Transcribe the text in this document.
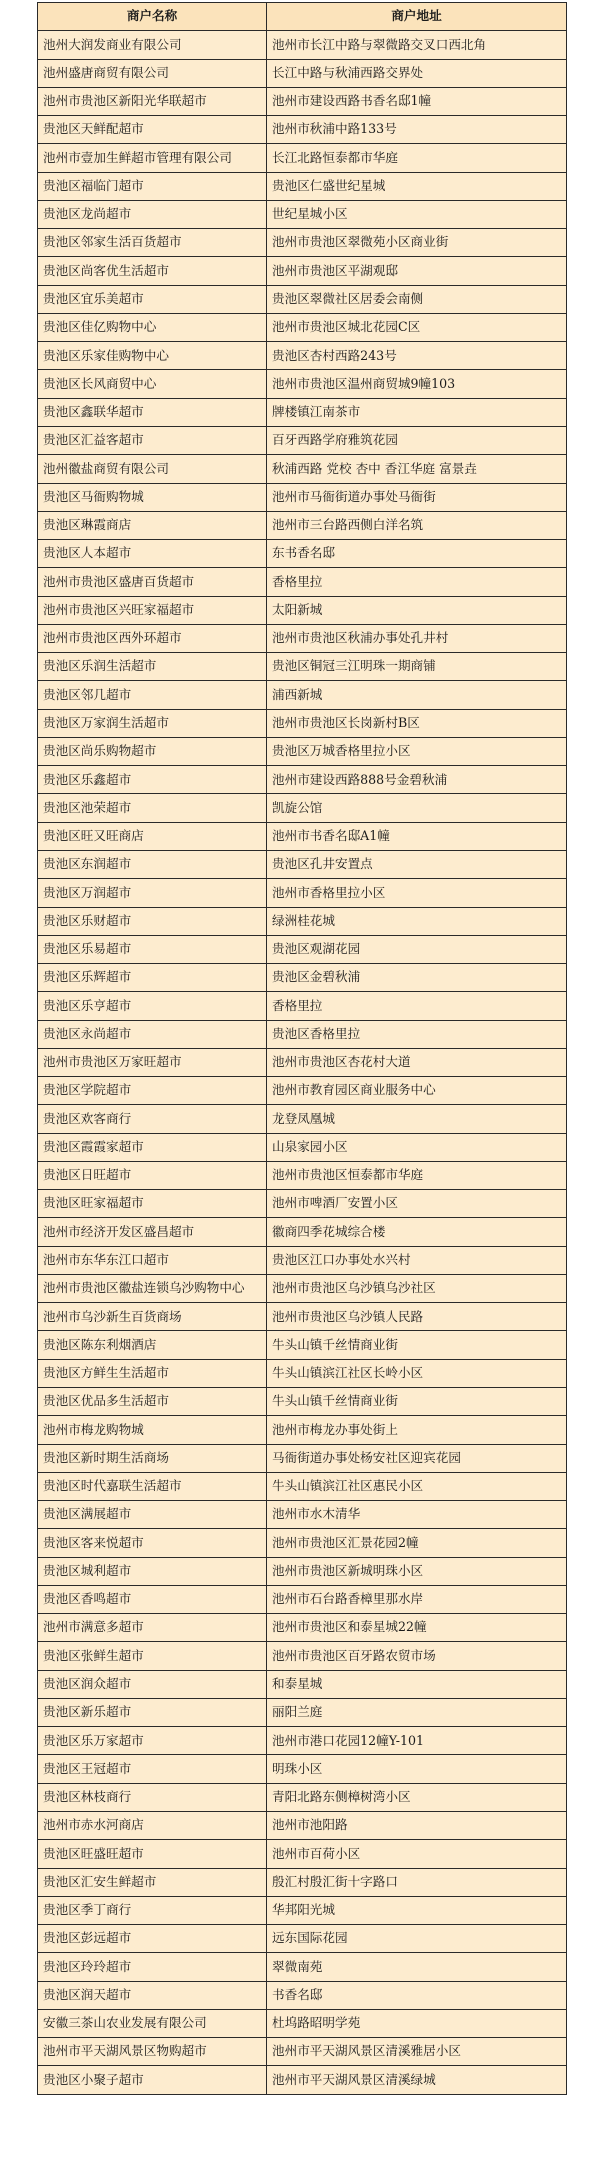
商户名称	商户地址
池州大润发商业有限公司	池州市长江中路与翠微路交叉口西北角
池州盛唐商贸有限公司	长江中路与秋浦西路交界处
池州市贵池区新阳光华联超市	池州市建设西路书香名邸1幢
贵池区天鲜配超市	池州市秋浦中路133号
池州市壹加生鲜超市管理有限公司	长江北路恒泰都市华庭
贵池区福临门超市	贵池区仁盛世纪星城
贵池区龙尚超市	世纪星城小区
贵池区邻家生活百货超市	池州市贵池区翠微苑小区商业街
贵池区尚客优生活超市	池州市贵池区平湖观邸
贵池区宜乐美超市	贵池区翠微社区居委会南侧
贵池区佳亿购物中心	池州市贵池区城北花园C区
贵池区乐家佳购物中心	贵池区杏村西路243号
贵池区长风商贸中心	池州市贵池区温州商贸城9幢103
贵池区鑫联华超市	牌楼镇江南茶市
贵池区汇益客超市	百牙西路学府雅筑花园
池州徽盐商贸有限公司	秋浦西路 党校 杏中 香江华庭 富景垚
贵池区马衙购物城	池州市马衙街道办事处马衙街
贵池区琳霞商店	池州市三台路西侧白洋名筑
贵池区人本超市	东书香名邸
池州市贵池区盛唐百货超市	香格里拉
池州市贵池区兴旺家福超市	太阳新城
池州市贵池区西外环超市	池州市贵池区秋浦办事处孔井村
贵池区乐润生活超市	贵池区铜冠三江明珠一期商铺
贵池区邻几超市	浦西新城
贵池区万家润生活超市	池州市贵池区长岗新村B区
贵池区尚乐购物超市	贵池区万城香格里拉小区
贵池区乐鑫超市	池州市建设西路888号金碧秋浦
贵池区池荣超市	凯旋公馆
贵池区旺又旺商店	池州市书香名邸A1幢
贵池区东润超市	贵池区孔井安置点
贵池区万润超市	池州市香格里拉小区
贵池区乐财超市	绿洲桂花城
贵池区乐易超市	贵池区观湖花园
贵池区乐辉超市	贵池区金碧秋浦
贵池区乐亨超市	香格里拉
贵池区永尚超市	贵池区香格里拉
池州市贵池区万家旺超市	池州市贵池区杏花村大道
贵池区学院超市	池州市教育园区商业服务中心
贵池区欢客商行	龙登凤凰城
贵池区霞霞家超市	山泉家园小区
贵池区日旺超市	池州市贵池区恒泰都市华庭
贵池区旺家福超市	池州市啤酒厂安置小区
池州市经济开发区盛昌超市	徽商四季花城综合楼
池州市东华东江口超市	贵池区江口办事处水兴村
池州市贵池区徽盐连锁乌沙购物中心	池州市贵池区乌沙镇乌沙社区
池州市乌沙新生百货商场	池州市贵池区乌沙镇人民路
贵池区陈东利烟酒店	牛头山镇千丝情商业街
贵池区方鲜生生活超市	牛头山镇滨江社区长岭小区
贵池区优品多生活超市	牛头山镇千丝情商业街
池州市梅龙购物城	池州市梅龙办事处街上
贵池区新时期生活商场	马衙街道办事处杨安社区迎宾花园
贵池区时代嘉联生活超市	牛头山镇滨江社区惠民小区
贵池区满展超市	池州市水木清华
贵池区客来悦超市	池州市贵池区汇景花园2幢
贵池区城利超市	池州市贵池区新城明珠小区
贵池区香鸣超市	池州市石台路香樟里那水岸
池州市满意多超市	池州市贵池区和泰星城22幢
贵池区张鲜生超市	池州市贵池区百牙路农贸市场
贵池区润众超市	和泰星城
贵池区新乐超市	丽阳兰庭
贵池区乐万家超市	池州市港口花园12幢Y-101
贵池区王冠超市	明珠小区
贵池区林枝商行	青阳北路东侧樟树湾小区
池州市赤水河商店	池州市池阳路
贵池区旺盛旺超市	池州市百荷小区
贵池区汇安生鲜超市	殷汇村殷汇街十字路口
贵池区季丁商行	华邦阳光城
贵池区彭远超市	远东国际花园
贵池区玲玲超市	翠微南苑
贵池区润天超市	书香名邸
安徽三茶山农业发展有限公司	杜坞路昭明学苑
池州市平天湖风景区物购超市	池州市平天湖风景区清溪雅居小区
贵池区小聚子超市	池州市平天湖风景区清溪绿城
